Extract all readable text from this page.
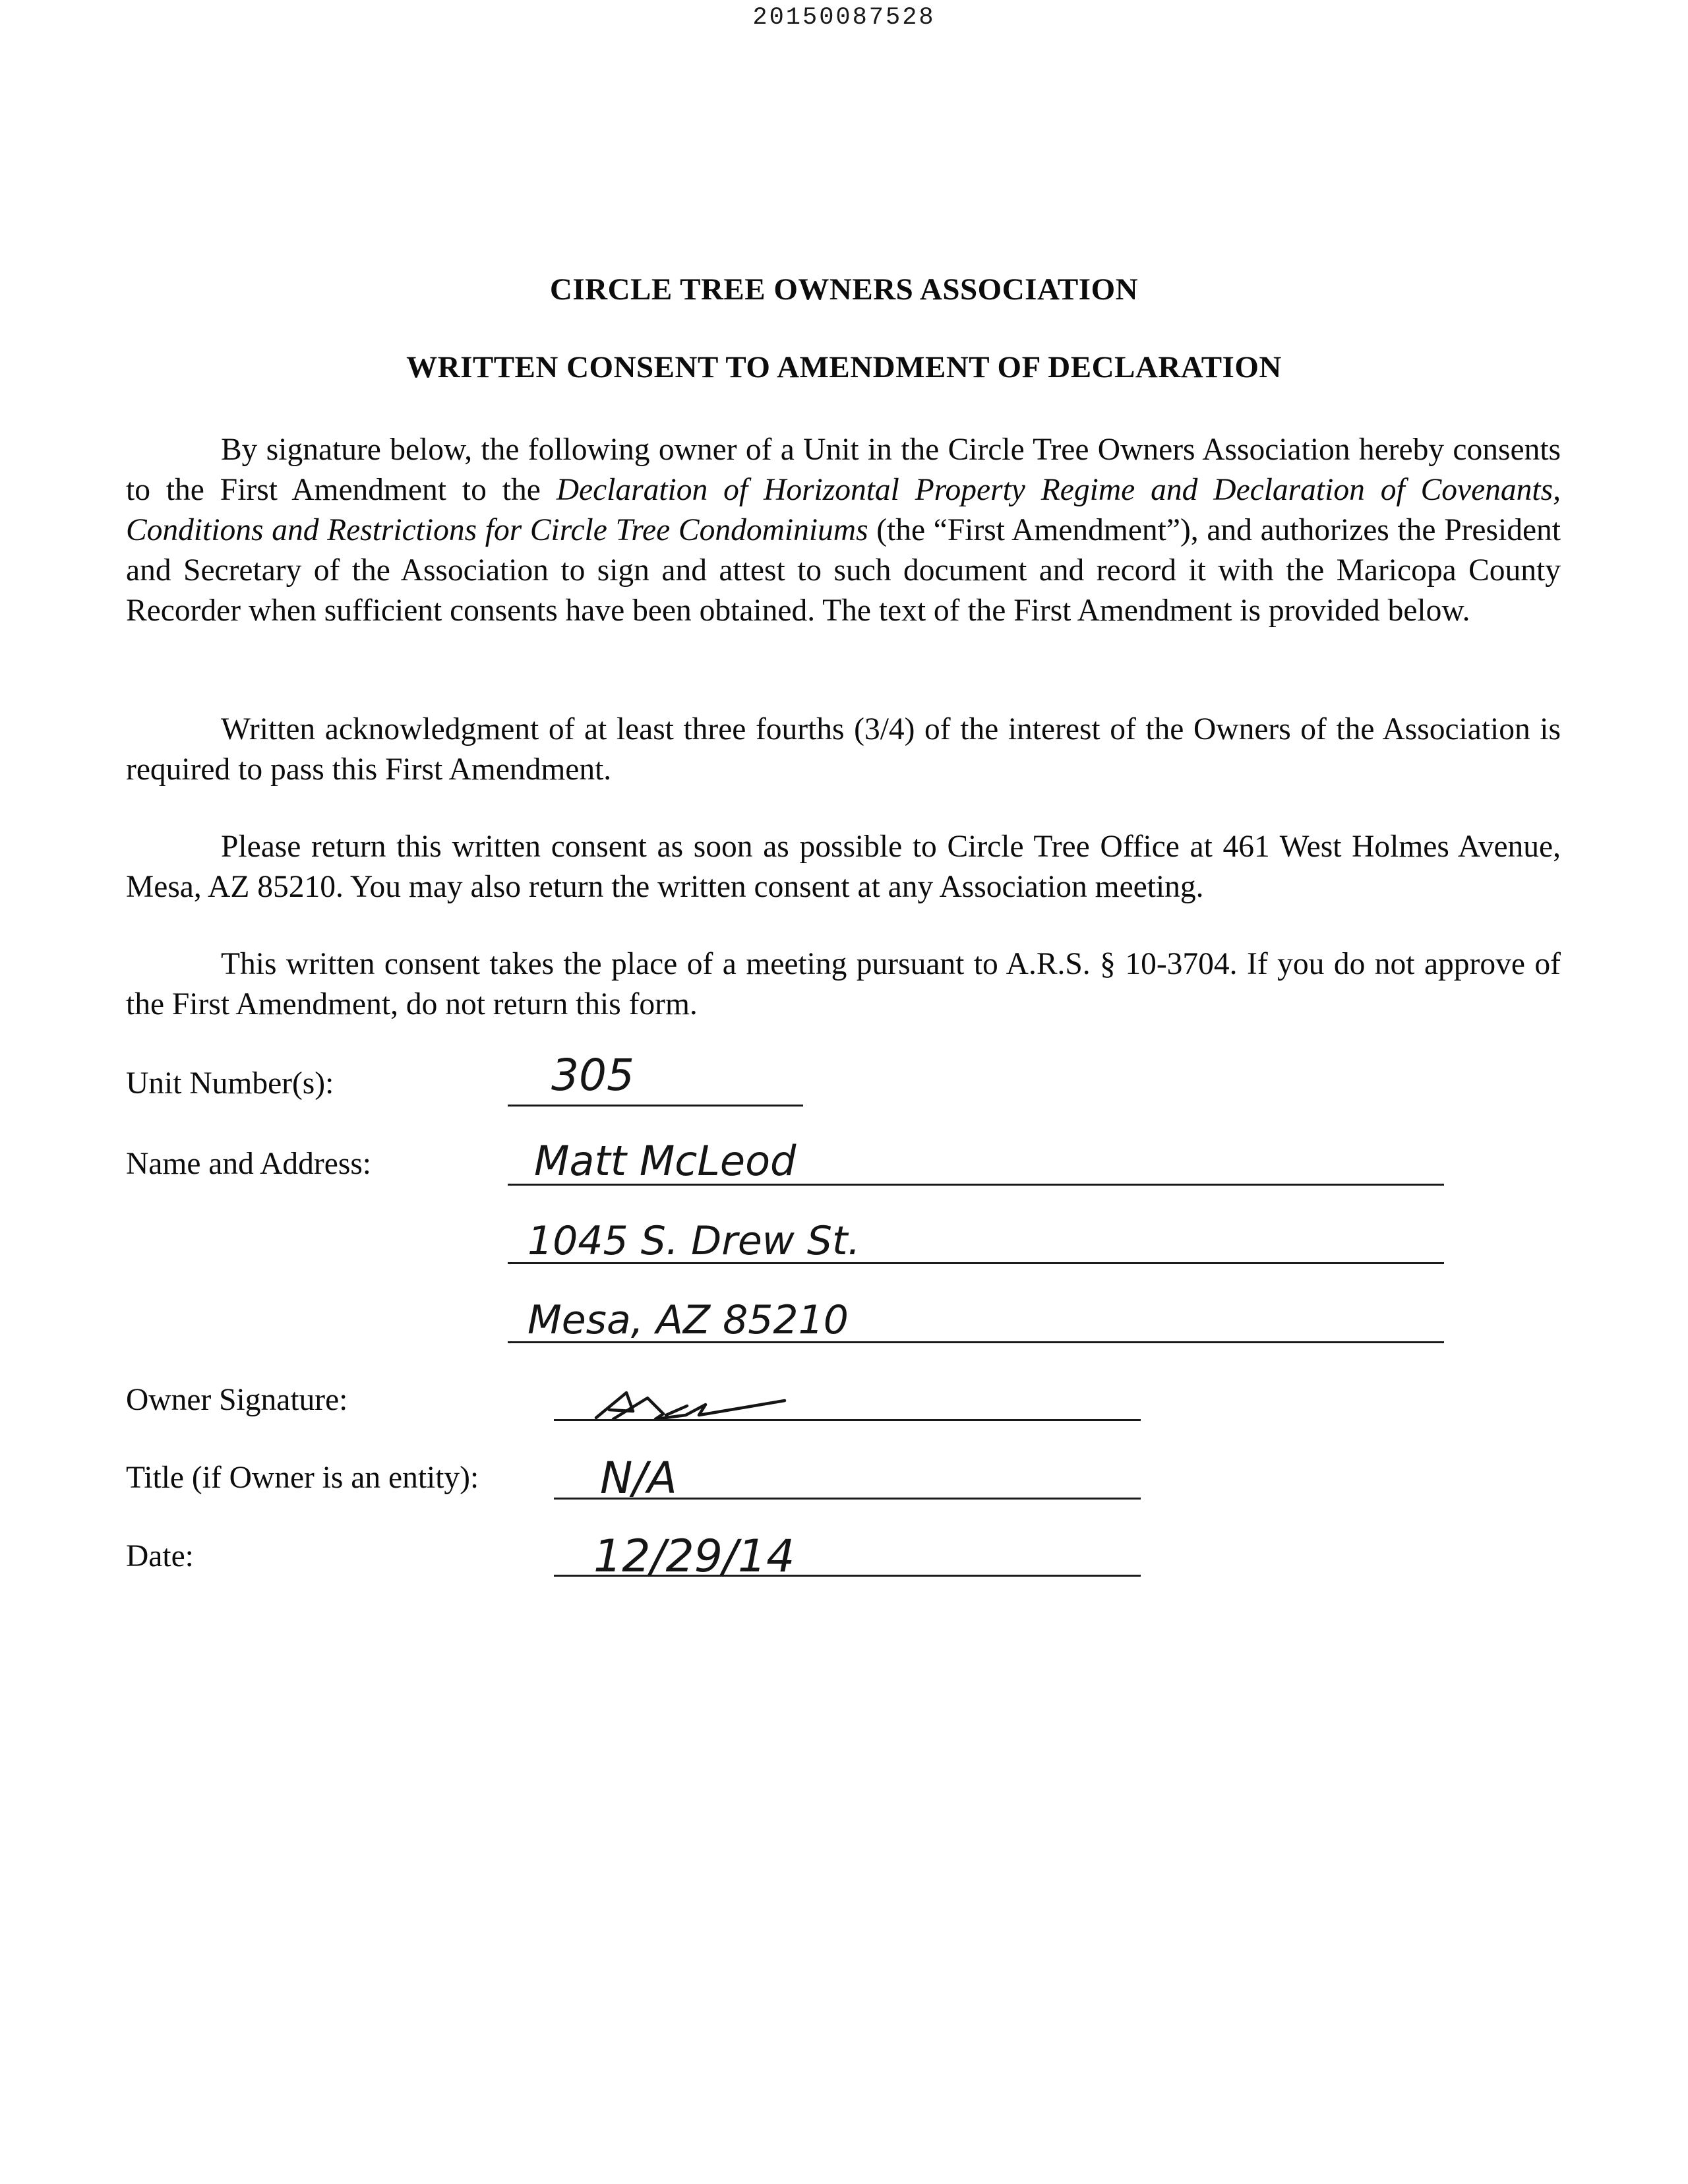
20150087528
CIRCLE TREE OWNERS ASSOCIATION
WRITTEN CONSENT TO AMENDMENT OF DECLARATION

By signature below, the following owner of a Unit in the Circle Tree Owners Association hereby consents to the First Amendment to the Declaration of Horizontal Property Regime and Declaration of Covenants, Conditions and Restrictions for Circle Tree Condominiums (the “First Amendment”), and authorizes the President and Secretary of the Association to sign and attest to such document and record it with the Maricopa County Recorder when sufficient consents have been obtained. The text of the First Amendment is provided below.

Written acknowledgment of at least three fourths (3/4) of the interest of the Owners of the Association is required to pass this First Amendment.

Please return this written consent as soon as possible to Circle Tree Office at 461 West Holmes Avenue, Mesa, AZ 85210. You may also return the written consent at any Association meeting.

This written consent takes the place of a meeting pursuant to A.R.S. § 10-3704. If you do not approve of the First Amendment, do not return this form.

Unit Number(s):	305
Name and Address:	Matt McLeod
1045 S. Drew St.
Mesa, AZ 85210
Owner Signature:
Title (if Owner is an entity):	N/A
Date:	12/29/14
